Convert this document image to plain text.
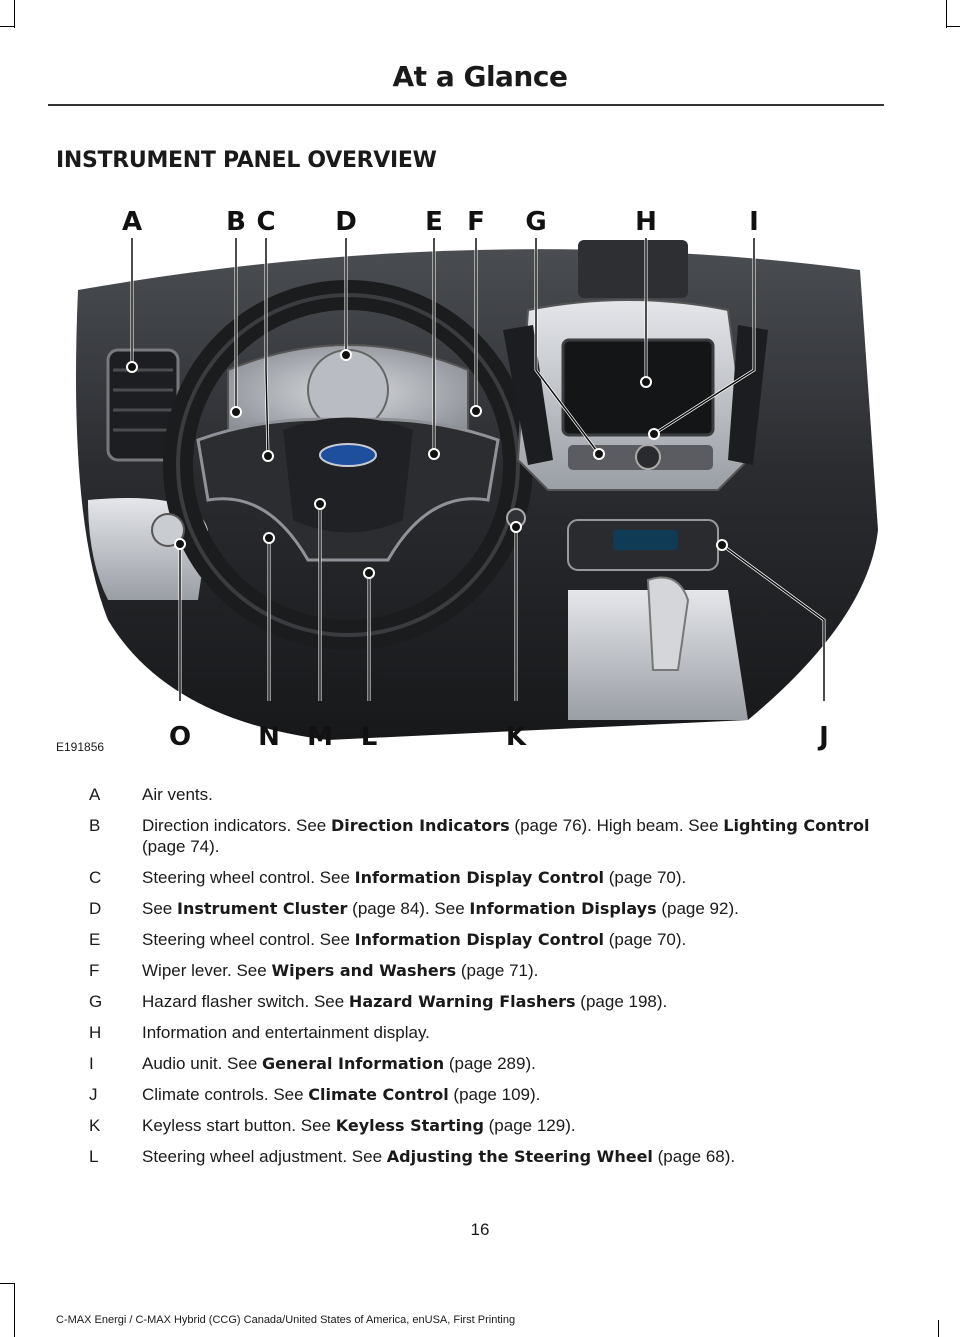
At a Glance
INSTRUMENT PANEL OVERVIEW
A	B C D	E F G	H	I
O	N M L	K	J
E191856
A	Air vents.
B	Direction indicators. See Direction Indicators (page 76). High beam. See Lighting Control (page 74).
C	Steering wheel control. See Information Display Control (page 70).
D	See Instrument Cluster (page 84). See Information Displays (page 92).
E	Steering wheel control. See Information Display Control (page 70).
F	Wiper lever. See Wipers and Washers (page 71).
G	Hazard flasher switch. See Hazard Warning Flashers (page 198).
H	Information and entertainment display.
I	Audio unit. See General Information (page 289).
J	Climate controls. See Climate Control (page 109).
K	Keyless start button. See Keyless Starting (page 129).
L	Steering wheel adjustment. See Adjusting the Steering Wheel (page 68).
16
C-MAX Energi / C-MAX Hybrid (CCG) Canada/United States of America, enUSA, First Printing
